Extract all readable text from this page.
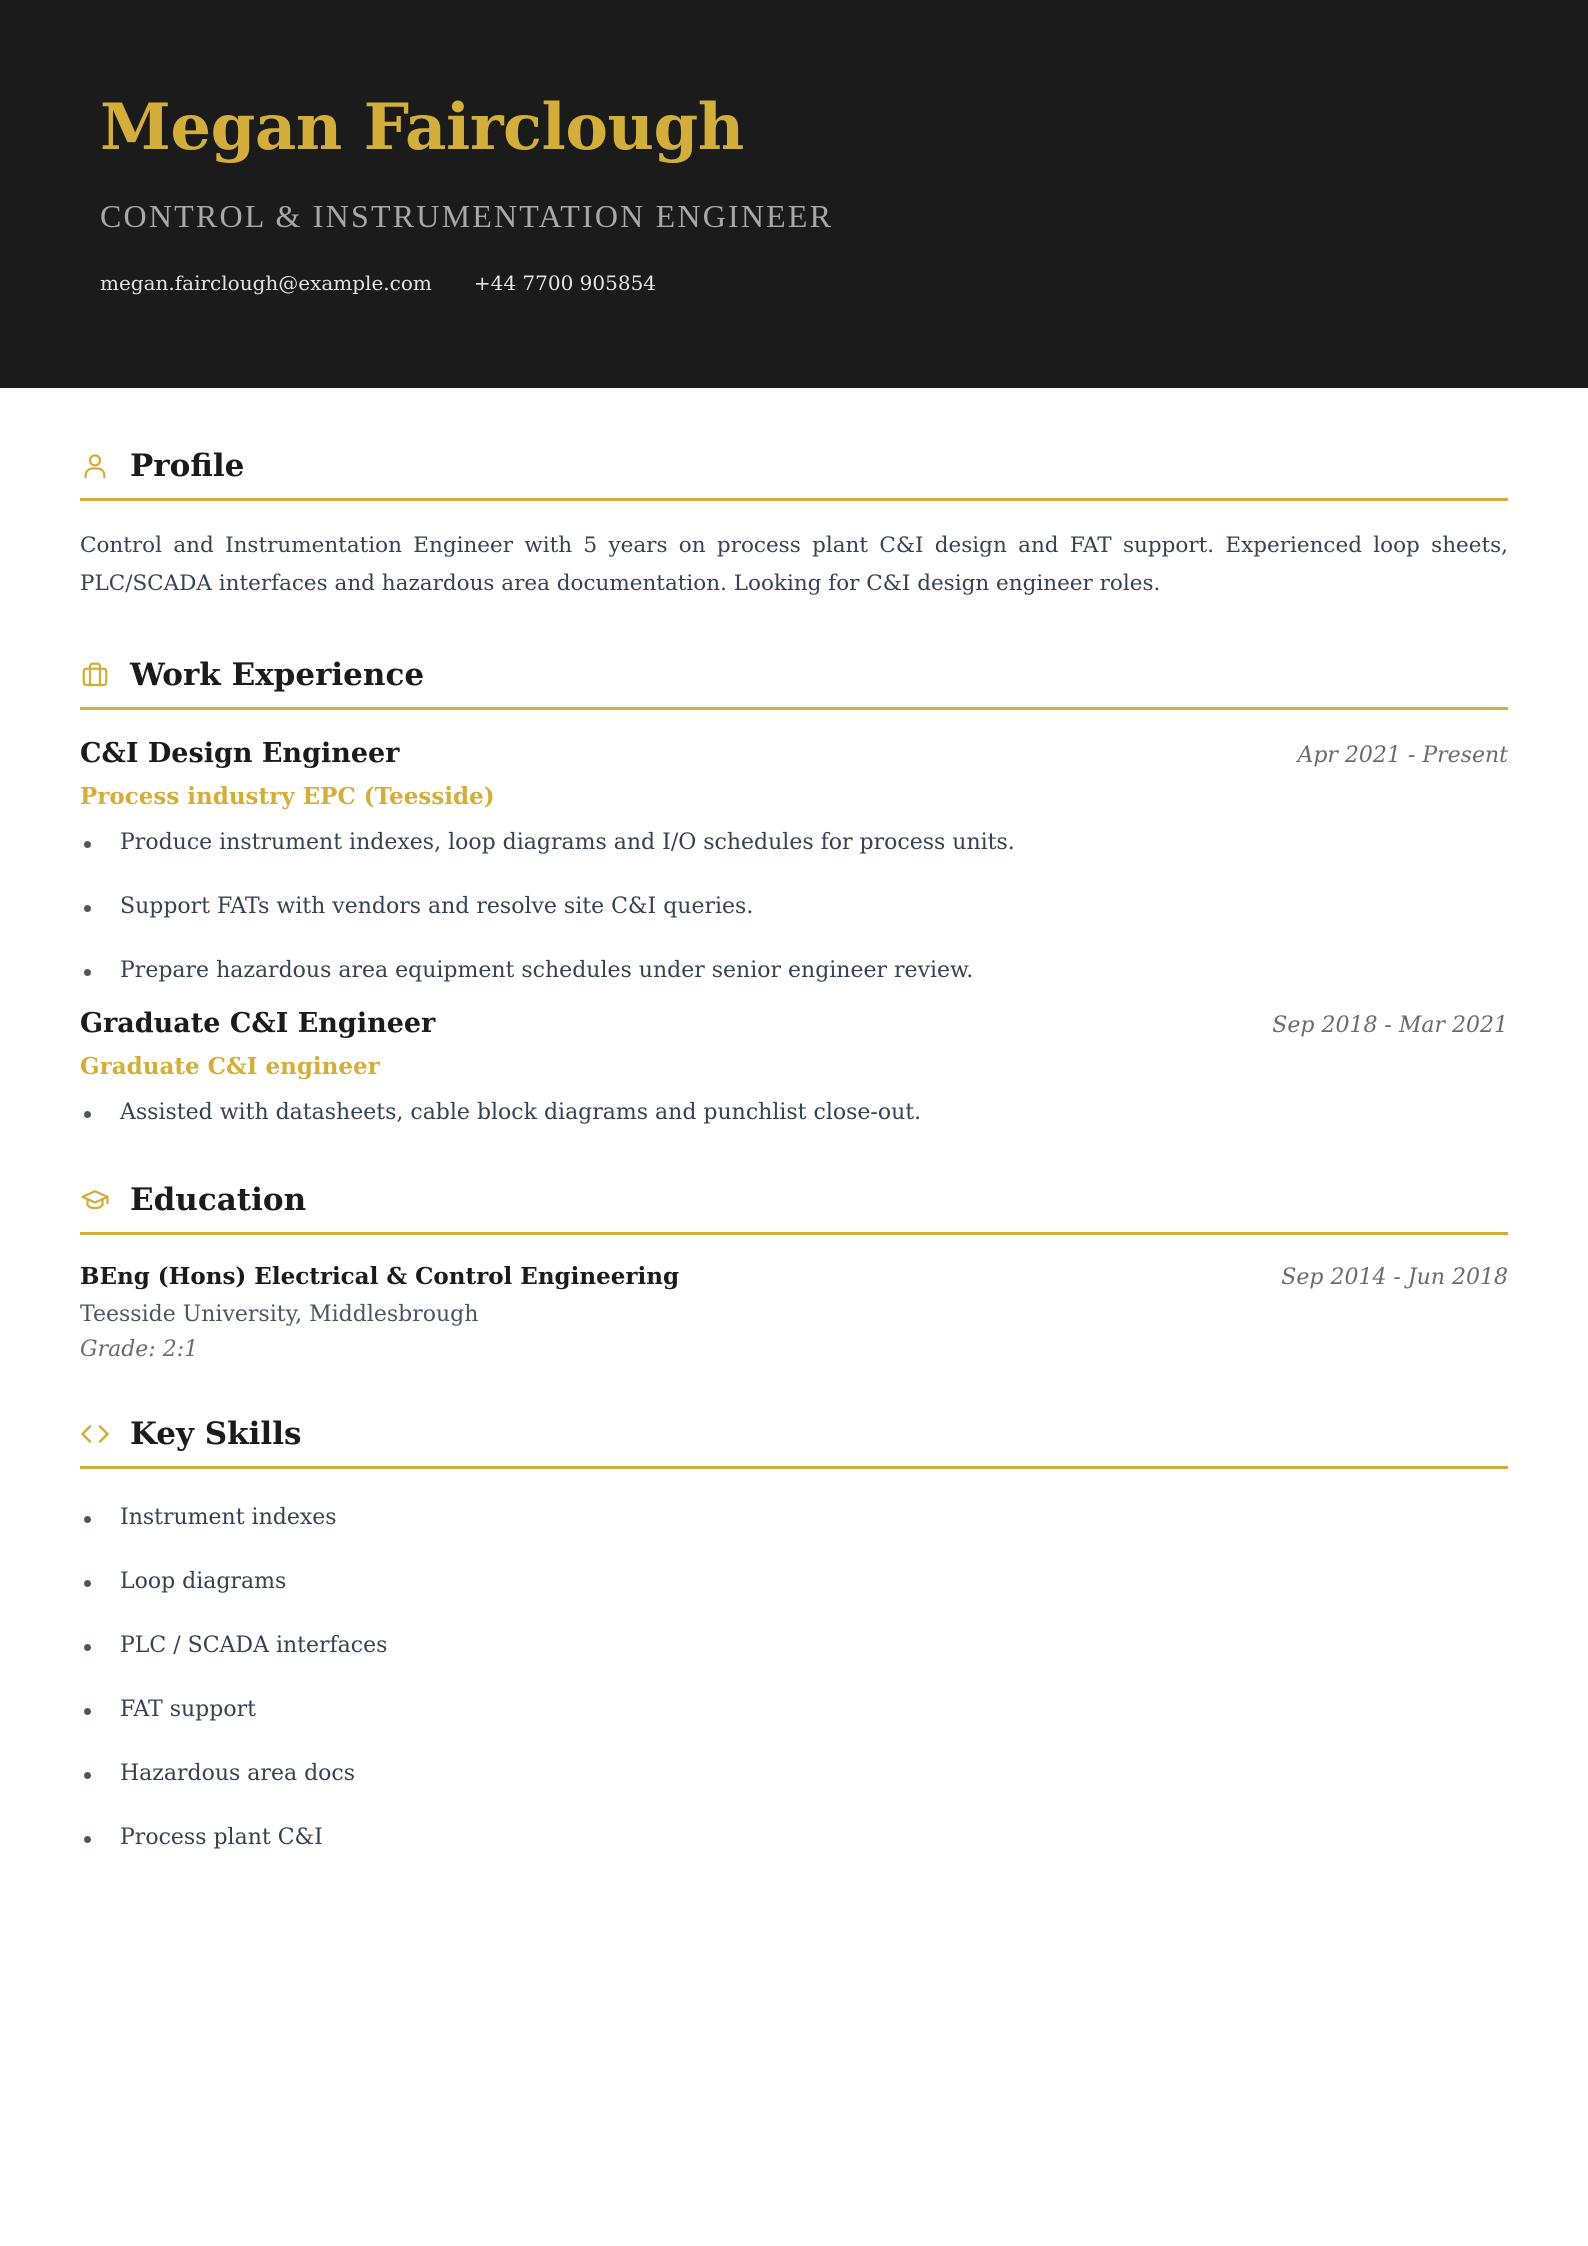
Megan Fairclough
CONTROL & INSTRUMENTATION ENGINEER
megan.fairclough@example.com +44 7700 905854
Profile

Control and Instrumentation Engineer with 5 years on process plant C&I design and FAT support. Experienced loop sheets, PLC/SCADA interfaces and hazardous area documentation. Looking for C&I design engineer roles.

Work Experience
C&I Design Engineer	Apr 2021 - Present
Process industry EPC (Teesside)
Produce instrument indexes, loop diagrams and I/O schedules for process units.
Support FATs with vendors and resolve site C&I queries.
Prepare hazardous area equipment schedules under senior engineer review.
Graduate C&I Engineer	Sep 2018 - Mar 2021
Graduate C&I engineer
Assisted with datasheets, cable block diagrams and punchlist close-out.
Education
BEng (Hons) Electrical & Control Engineering	Sep 2014 - Jun 2018
Teesside University, Middlesbrough
Grade: 2:1
Key Skills
Instrument indexes
Loop diagrams
PLC / SCADA interfaces
FAT support
Hazardous area docs
Process plant C&I
